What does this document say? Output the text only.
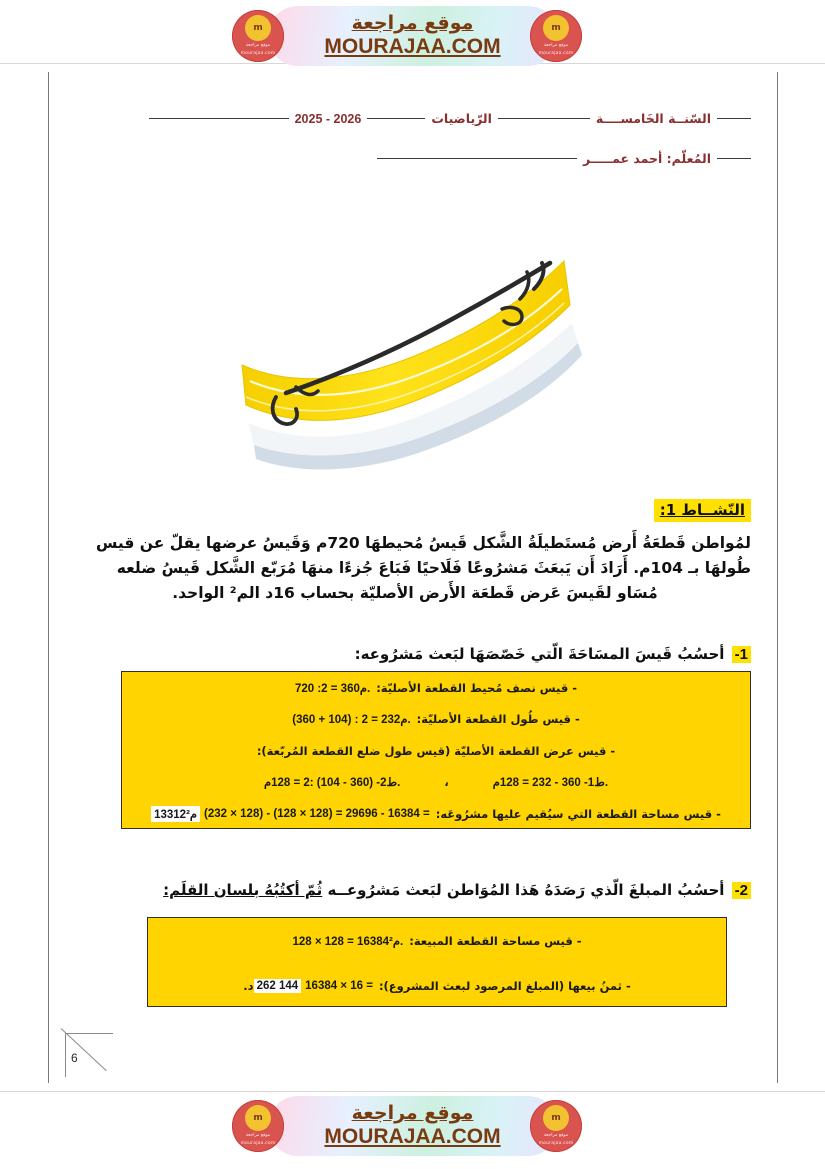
m
موقع مراجعة
mourajaa.com
موقع مراجعة
MOURAJAA.COM
m
موقع مراجعة
mourajaa.com
السّنــة الخَامســــة
الرّياضيات
2025 - 2026
المُعلّم: أحمد عمـــــر
النّشــاط 1:
لمُواطن قَطعَةُ أَرض مُستَطيلَةُ الشَّكل قَيسُ مُحيطهَا 720م وَقَيسُ عرضها يقلّ عن قيس
طُولهَا بـ 104م. أَرَادَ أَن يَبعَثَ مَشرُوعًا فَلَاحيًا فَبَاعَ جُزءًا منهَا مُرَبّع الشَّكل قَيسُ ضلعه
مُسَاو لقَيسَ عَرض قَطعَة الأَرض الأصليّة بحساب 16د الم² الواحد.
1- أحسُبُ قَيسَ المسَاحَةَ الّتي خَصّصَهَا لبَعث مَشرُوعه:
- قيس نصف مُحيط القطعة الأصليّة:
720 :2 = 360م.
- قيس طُول القطعة الأصليّة:
(360 + 104) : 2 = 232م.
- قيس عرض القطعة الأصليّة (قيس طول ضلع القطعة المُربّعة):
ط1- 360 - 232 = 128م.
،
ط2- (360 - 104) :2 = 128م.
- قيس مساحة القطعة التي سيُقيم عليها مشرُوعَه:
(232 × 128) - (128 × 128) = 29696 - 16384 =
13312م²
2- أحسُبُ المبلغَ الّذي رَصَدَهُ هَذا المُوَاطن لبَعث مَشرُوعــه ثُمّ أكتُبُهُ بلسان القلَم:
- قيس مساحة القطعة المبيعة:
128 × 128 = 16384م².
- ثمنُ بيعها (المبلغ المرصود لبعث المشروع):
16384 × 16 =
262 144
د.
6
m
موقع مراجعة
mourajaa.com
موقع مراجعة
MOURAJAA.COM
m
موقع مراجعة
mourajaa.com
